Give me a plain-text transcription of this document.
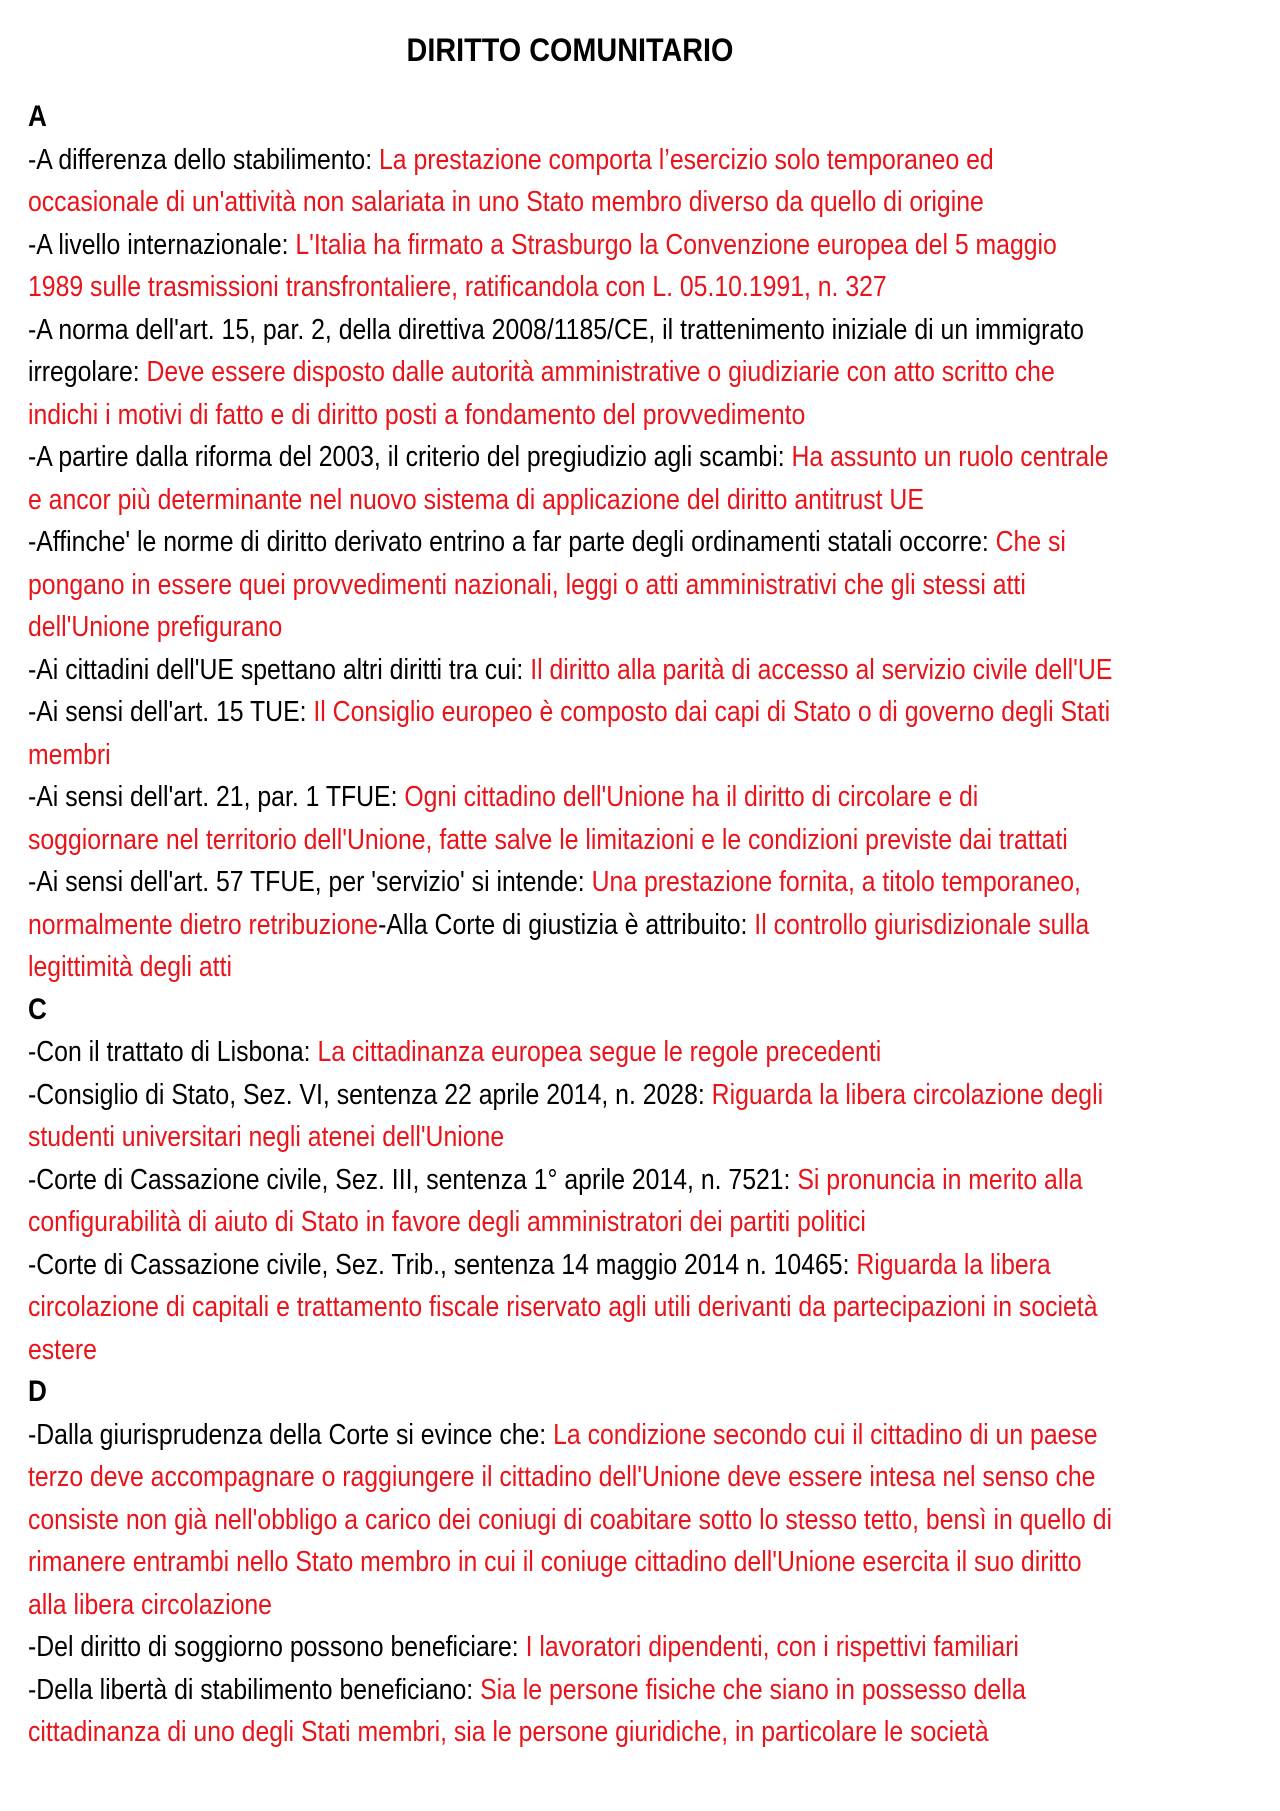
DIRITTO COMUNITARIO
A
-A differenza dello stabilimento: La prestazione comporta l’esercizio solo temporaneo ed occasionale di un'attività non salariata in uno Stato membro diverso da quello di origine
-A livello internazionale: L'Italia ha firmato a Strasburgo la Convenzione europea del 5 maggio 1989 sulle trasmissioni transfrontaliere, ratificandola con L. 05.10.1991, n. 327
-A norma dell'art. 15, par. 2, della direttiva 2008/1185/CE, il trattenimento iniziale di un immigrato irregolare: Deve essere disposto dalle autorità amministrative o giudiziarie con atto scritto che indichi i motivi di fatto e di diritto posti a fondamento del provvedimento
-A partire dalla riforma del 2003, il criterio del pregiudizio agli scambi: Ha assunto un ruolo centrale e ancor più determinante nel nuovo sistema di applicazione del diritto antitrust UE
-Affinche' le norme di diritto derivato entrino a far parte degli ordinamenti statali occorre: Che si pongano in essere quei provvedimenti nazionali, leggi o atti amministrativi che gli stessi atti dell'Unione prefigurano
-Ai cittadini dell'UE spettano altri diritti tra cui: Il diritto alla parità di accesso al servizio civile dell'UE
-Ai sensi dell'art. 15 TUE: Il Consiglio europeo è composto dai capi di Stato o di governo degli Stati membri
-Ai sensi dell'art. 21, par. 1 TFUE: Ogni cittadino dell'Unione ha il diritto di circolare e di soggiornare nel territorio dell'Unione, fatte salve le limitazioni e le condizioni previste dai trattati
-Ai sensi dell'art. 57 TFUE, per 'servizio' si intende: Una prestazione fornita, a titolo temporaneo, normalmente dietro retribuzione-Alla Corte di giustizia è attribuito: Il controllo giurisdizionale sulla legittimità degli atti
C
-Con il trattato di Lisbona: La cittadinanza europea segue le regole precedenti
-Consiglio di Stato, Sez. VI, sentenza 22 aprile 2014, n. 2028: Riguarda la libera circolazione degli studenti universitari negli atenei dell'Unione
-Corte di Cassazione civile, Sez. III, sentenza 1° aprile 2014, n. 7521: Si pronuncia in merito alla configurabilità di aiuto di Stato in favore degli amministratori dei partiti politici
-Corte di Cassazione civile, Sez. Trib., sentenza 14 maggio 2014 n. 10465: Riguarda la libera circolazione di capitali e trattamento fiscale riservato agli utili derivanti da partecipazioni in società estere
D
-Dalla giurisprudenza della Corte si evince che: La condizione secondo cui il cittadino di un paese terzo deve accompagnare o raggiungere il cittadino dell'Unione deve essere intesa nel senso che consiste non già nell'obbligo a carico dei coniugi di coabitare sotto lo stesso tetto, bensì in quello di rimanere entrambi nello Stato membro in cui il coniuge cittadino dell'Unione esercita il suo diritto alla libera circolazione
-Del diritto di soggiorno possono beneficiare: I lavoratori dipendenti, con i rispettivi familiari
-Della libertà di stabilimento beneficiano: Sia le persone fisiche che siano in possesso della cittadinanza di uno degli Stati membri, sia le persone giuridiche, in particolare le società
